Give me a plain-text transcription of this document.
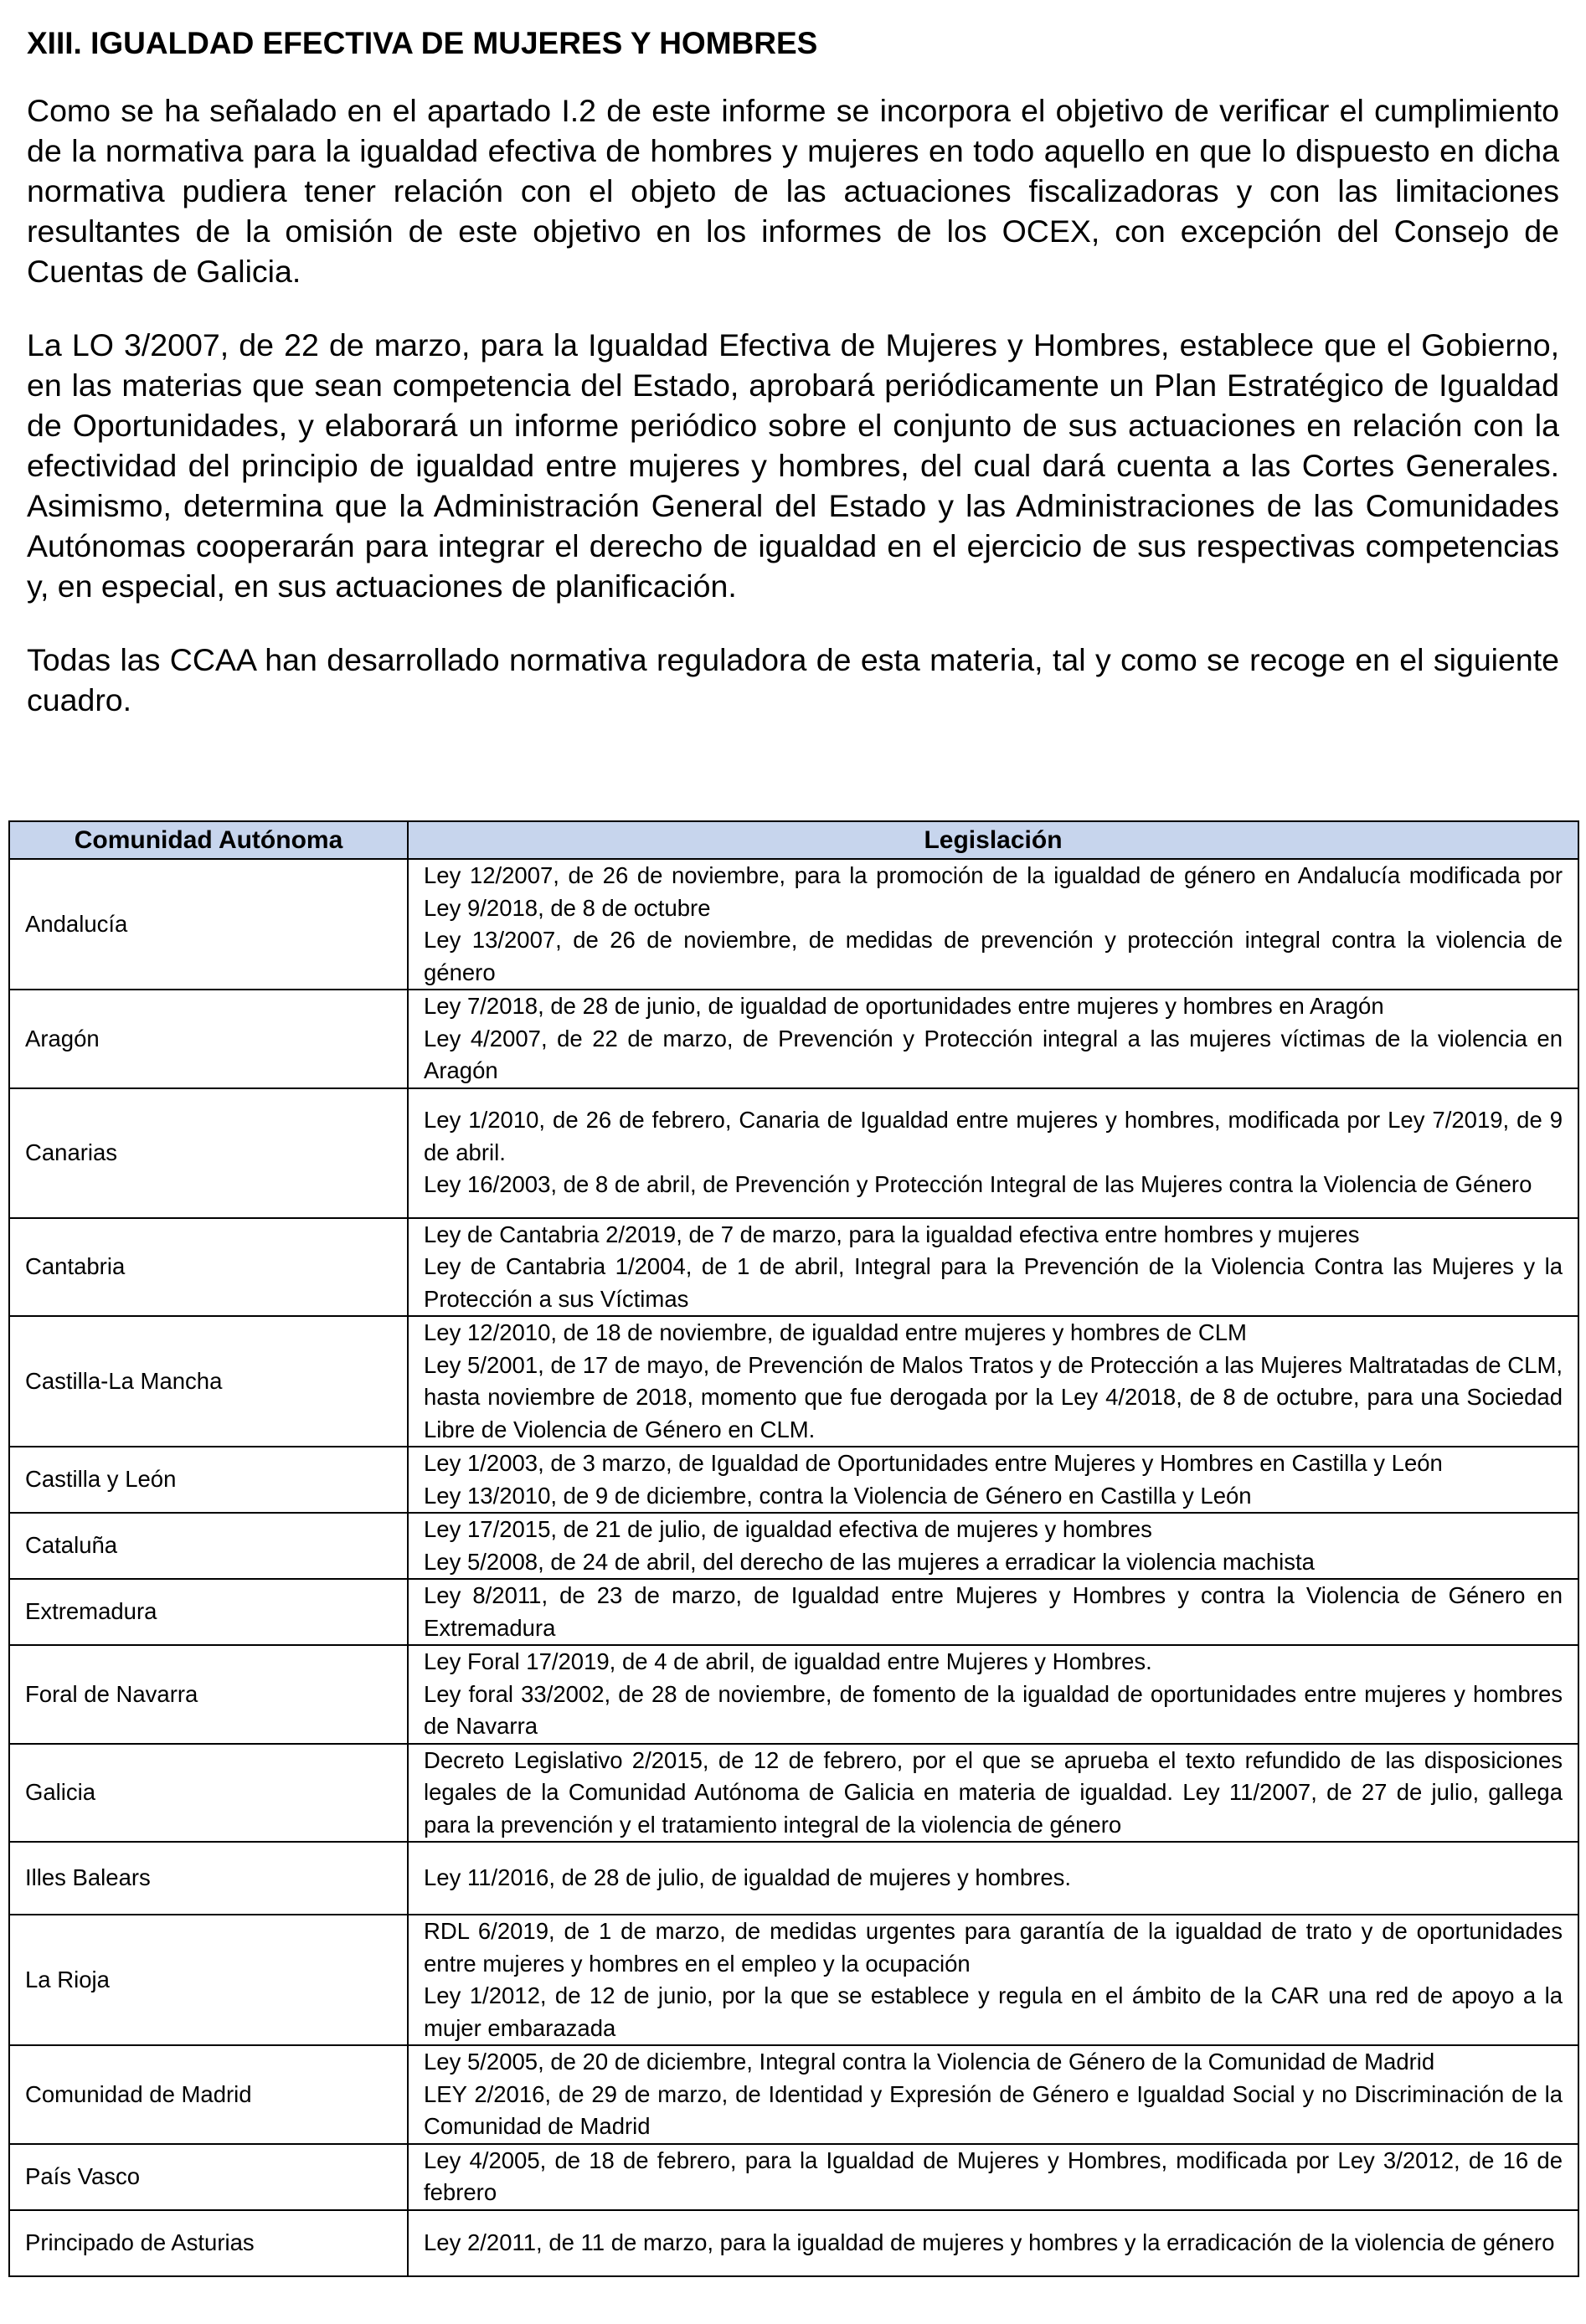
XIII. IGUALDAD EFECTIVA DE MUJERES Y HOMBRES

Como se ha señalado en el apartado I.2 de este informe se incorpora el objetivo de verificar el cumplimiento de la normativa para la igualdad efectiva de hombres y mujeres en todo aquello en que lo dispuesto en dicha normativa pudiera tener relación con el objeto de las actuaciones fiscalizadoras y con las limitaciones resultantes de la omisión de este objetivo en los informes de los OCEX, con excepción del Consejo de Cuentas de Galicia.

La LO 3/2007, de 22 de marzo, para la Igualdad Efectiva de Mujeres y Hombres, establece que el Gobierno, en las materias que sean competencia del Estado, aprobará periódicamente un Plan Estratégico de Igualdad de Oportunidades, y elaborará un informe periódico sobre el conjunto de sus actuaciones en relación con la efectividad del principio de igualdad entre mujeres y hombres, del cual dará cuenta a las Cortes Generales. Asimismo, determina que la Administración General del Estado y las Administraciones de las Comunidades Autónomas cooperarán para integrar el derecho de igualdad en el ejercicio de sus respectivas competencias y, en especial, en sus actuaciones de planificación.

Todas las CCAA han desarrollado normativa reguladora de esta materia, tal y como se recoge en el siguiente cuadro.

Comunidad Autónoma	Legislación
Andalucía	Ley 12/2007, de 26 de noviembre, para la promoción de la igualdad de género en Andalucía modificada por Ley 9/2018, de 8 de octubre
Ley 13/2007, de 26 de noviembre, de medidas de prevención y protección integral contra la violencia de género

Aragón	Ley 7/2018, de 28 de junio, de igualdad de oportunidades entre mujeres y hombres en Aragón
Ley 4/2007, de 22 de marzo, de Prevención y Protección integral a las mujeres víctimas de la violencia en Aragón

Canarias	Ley 1/2010, de 26 de febrero, Canaria de Igualdad entre mujeres y hombres, modificada por Ley 7/2019, de 9 de abril.
Ley 16/2003, de 8 de abril, de Prevención y Protección Integral de las Mujeres contra la Violencia de Género

Cantabria	Ley de Cantabria 2/2019, de 7 de marzo, para la igualdad efectiva entre hombres y mujeres
Ley de Cantabria 1/2004, de 1 de abril, Integral para la Prevención de la Violencia Contra las Mujeres y la Protección a sus Víctimas

Castilla-La Mancha	Ley 12/2010, de 18 de noviembre, de igualdad entre mujeres y hombres de CLM
Ley 5/2001, de 17 de mayo, de Prevención de Malos Tratos y de Protección a las Mujeres Maltratadas de CLM, hasta noviembre de 2018, momento que fue derogada por la Ley 4/2018, de 8 de octubre, para una Sociedad Libre de Violencia de Género en CLM.

Castilla y León	Ley 1/2003, de 3 marzo, de Igualdad de Oportunidades entre Mujeres y Hombres en Castilla y León
Ley 13/2010, de 9 de diciembre, contra la Violencia de Género en Castilla y León

Cataluña	Ley 17/2015, de 21 de julio, de igualdad efectiva de mujeres y hombres
Ley 5/2008, de 24 de abril, del derecho de las mujeres a erradicar la violencia machista

Extremadura	Ley 8/2011, de 23 de marzo, de Igualdad entre Mujeres y Hombres y contra la Violencia de Género en Extremadura

Foral de Navarra	Ley Foral 17/2019, de 4 de abril, de igualdad entre Mujeres y Hombres.
Ley foral 33/2002, de 28 de noviembre, de fomento de la igualdad de oportunidades entre mujeres y hombres de Navarra

Galicia	Decreto Legislativo 2/2015, de 12 de febrero, por el que se aprueba el texto refundido de las disposiciones legales de la Comunidad Autónoma de Galicia en materia de igualdad. Ley 11/2007, de 27 de julio, gallega para la prevención y el tratamiento integral de la violencia de género

Illes Balears	Ley 11/2016, de 28 de julio, de igualdad de mujeres y hombres.

La Rioja	RDL 6/2019, de 1 de marzo, de medidas urgentes para garantía de la igualdad de trato y de oportunidades entre mujeres y hombres en el empleo y la ocupación
Ley 1/2012, de 12 de junio, por la que se establece y regula en el ámbito de la CAR una red de apoyo a la mujer embarazada

Comunidad de Madrid	Ley 5/2005, de 20 de diciembre, Integral contra la Violencia de Género de la Comunidad de Madrid
LEY 2/2016, de 29 de marzo, de Identidad y Expresión de Género e Igualdad Social y no Discriminación de la Comunidad de Madrid

País Vasco	Ley 4/2005, de 18 de febrero, para la Igualdad de Mujeres y Hombres, modificada por Ley 3/2012, de 16 de febrero

Principado de Asturias	Ley 2/2011, de 11 de marzo, para la igualdad de mujeres y hombres y la erradicación de la violencia de género
